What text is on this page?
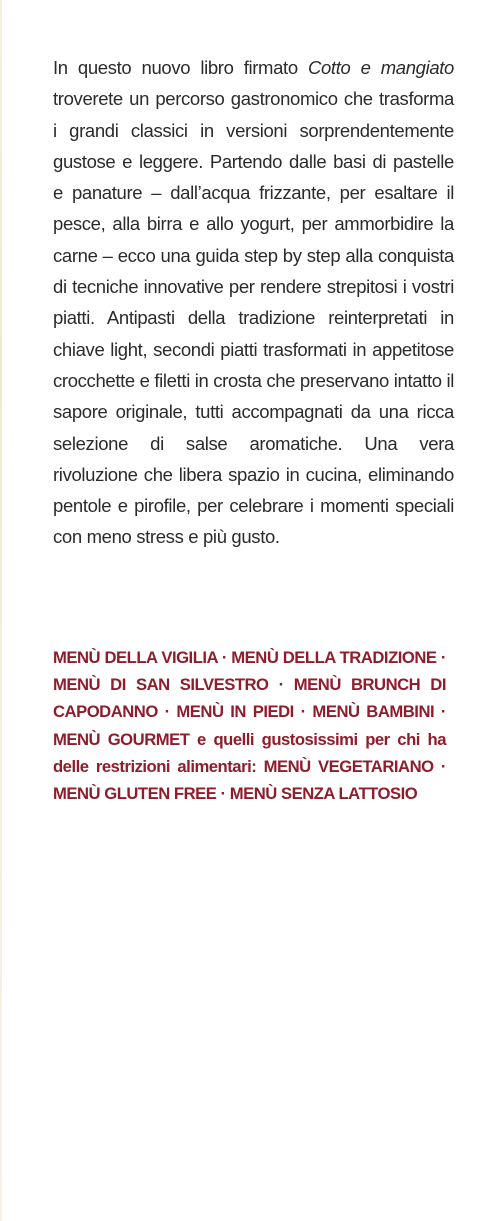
In questo nuovo libro firmato Cotto e mangiato troverete un percorso gastronomico che trasforma i grandi classici in versioni sorprendentemente gustose e leggere. Partendo dalle basi di pastelle e panature – dall’acqua frizzante, per esaltare il pesce, alla birra e allo yogurt, per ammorbidire la carne – ecco una guida step by step alla conquista di tecniche innovative per rendere strepitosi i vostri piatti. Antipasti della tradizione reinterpretati in chiave light, secondi piatti trasformati in appetitose crocchette e filetti in crosta che preservano intatto il sapore originale, tutti accompagnati da una ricca selezione di salse aromatiche. Una vera rivoluzione che libera spazio in cucina, eliminando pentole e pirofile, per celebrare i momenti speciali con meno stress e più gusto.

MENÙ DELLA VIGILIA · MENÙ DELLA TRADIZIONE · MENÙ DI SAN SILVESTRO · MENÙ BRUNCH DI CAPODANNO · MENÙ IN PIEDI · MENÙ BAMBINI · MENÙ GOURMET e quelli gustosissimi per chi ha delle restrizioni alimentari: MENÙ VEGETARIANO · MENÙ GLUTEN FREE · MENÙ SENZA LATTOSIO
